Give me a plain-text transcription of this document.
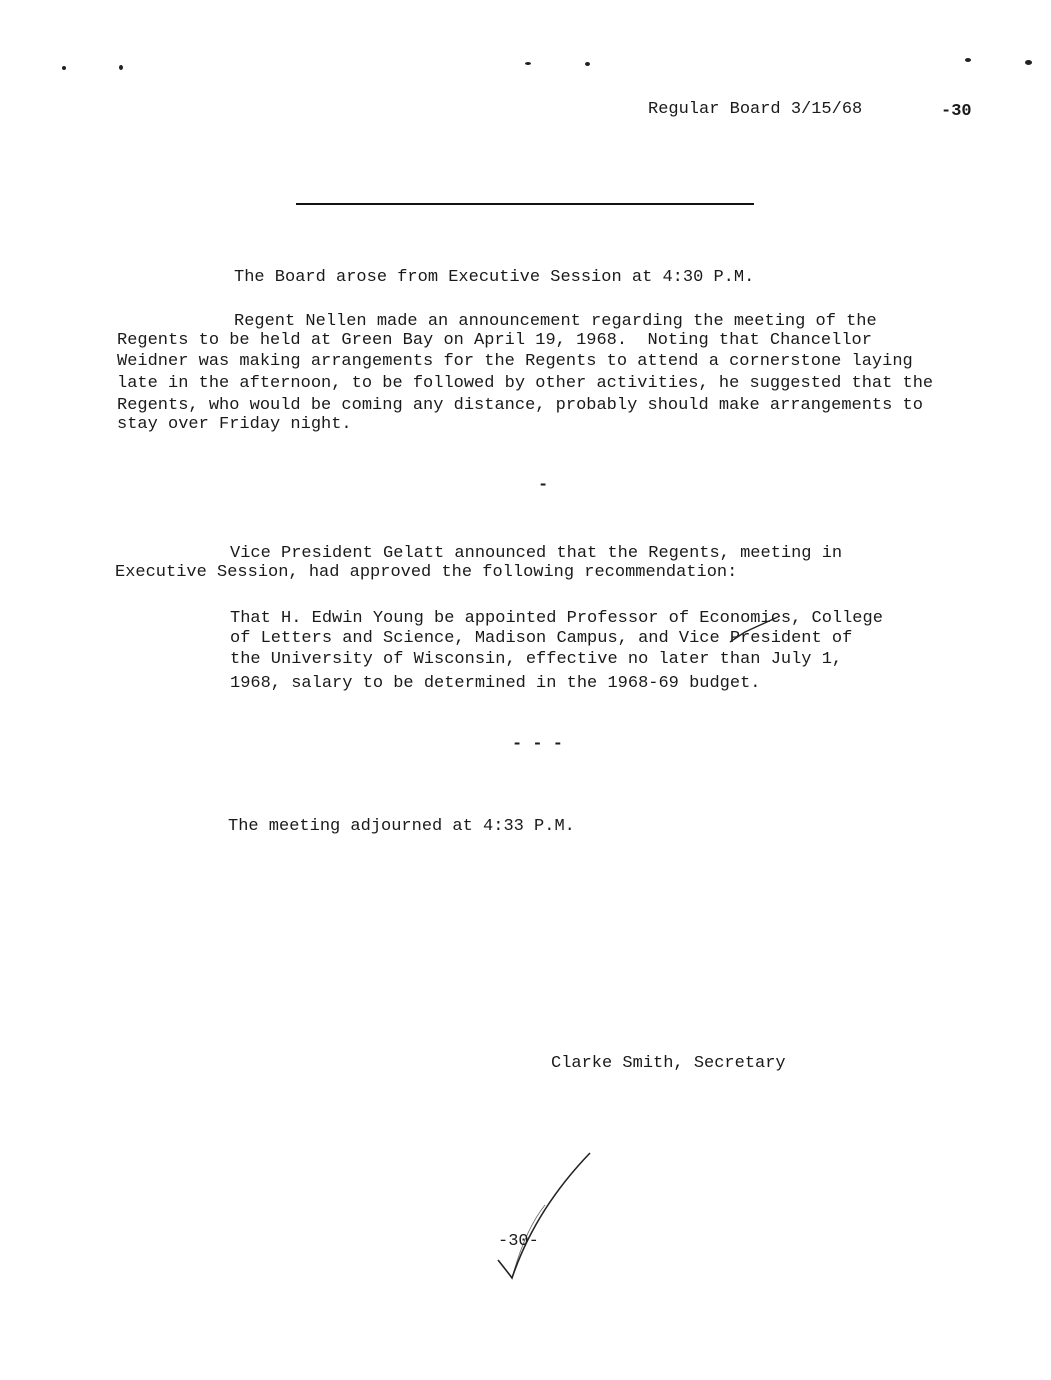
Regular Board 3/15/68	-30
The Board arose from Executive Session at 4:30 P.M.
Regent Nellen made an announcement regarding the meeting of the
Regents to be held at Green Bay on April 19, 1968.  Noting that Chancellor
Weidner was making arrangements for the Regents to attend a cornerstone laying
late in the afternoon, to be followed by other activities, he suggested that the
Regents, who would be coming any distance, probably should make arrangements to
stay over Friday night.
-
Vice President Gelatt announced that the Regents, meeting in
Executive Session, had approved the following recommendation:
That H. Edwin Young be appointed Professor of Economics, College
of Letters and Science, Madison Campus, and Vice President of
the University of Wisconsin, effective no later than July 1,
1968, salary to be determined in the 1968-69 budget.
- - -
The meeting adjourned at 4:33 P.M.
Clarke Smith, Secretary
-30-
